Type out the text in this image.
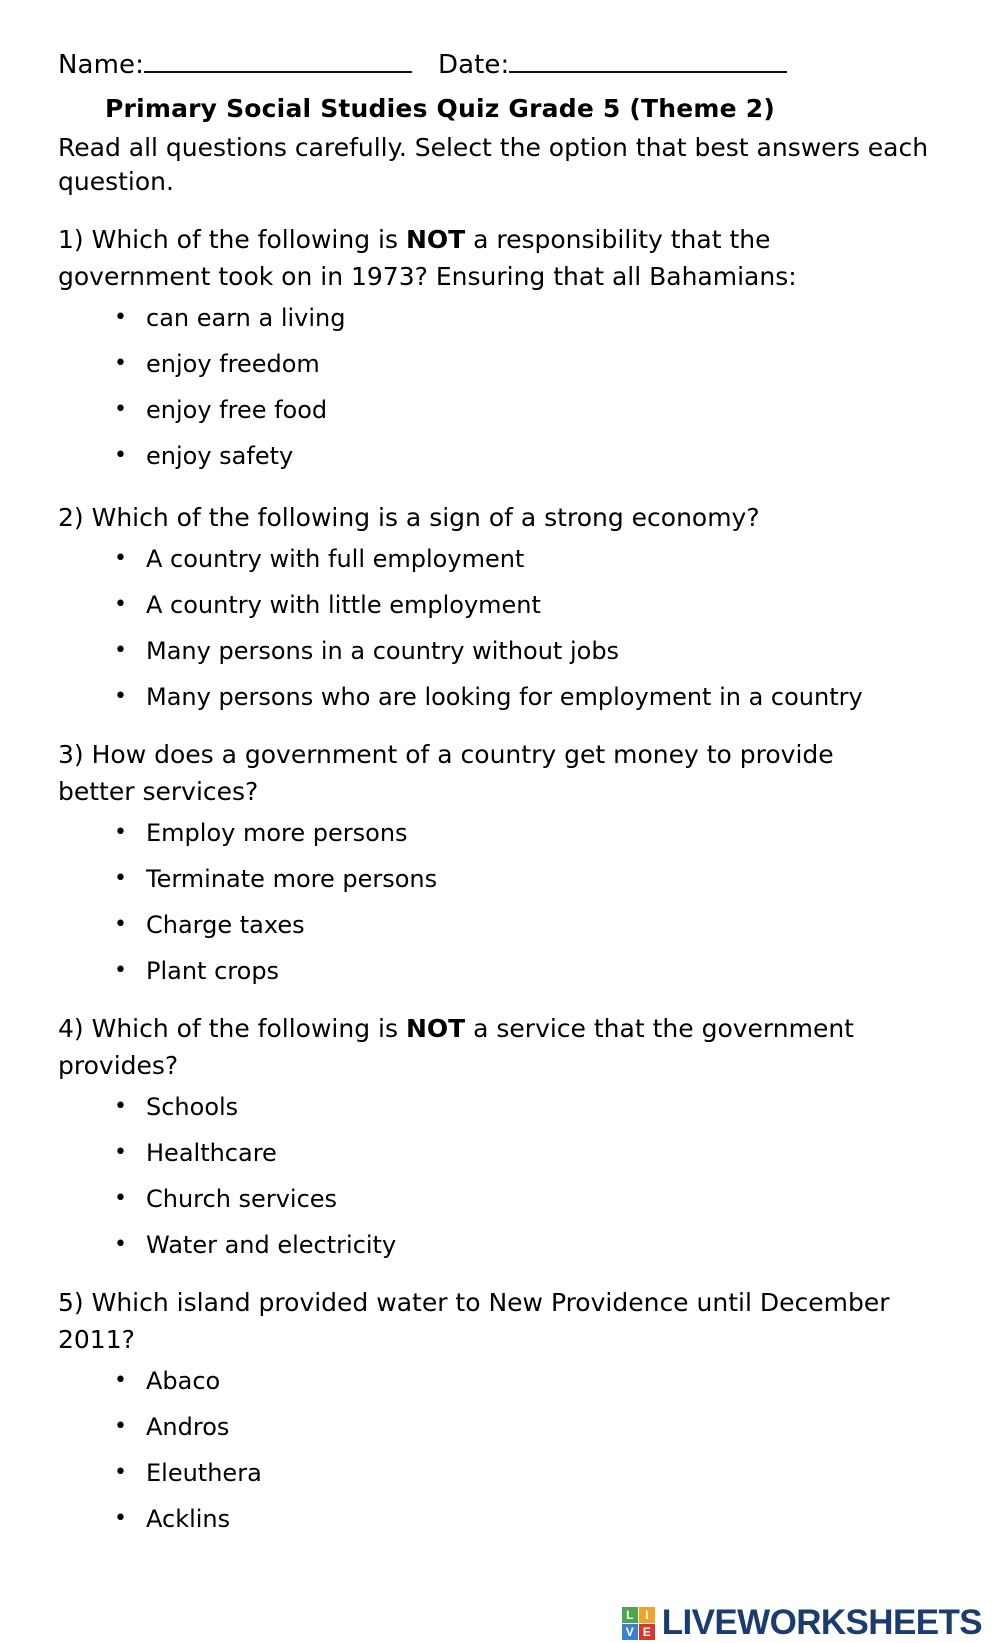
Name:	Date:
Primary Social Studies Quiz Grade 5 (Theme 2)
Read all questions carefully. Select the option that best answers each question.

1) Which of the following is NOT a responsibility that the government took on in 1973? Ensuring that all Bahamians:

• can earn a living
• enjoy freedom
• enjoy free food
• enjoy safety

2) Which of the following is a sign of a strong economy?

• A country with full employment
• A country with little employment
• Many persons in a country without jobs
• Many persons who are looking for employment in a country

3) How does a government of a country get money to provide better services?

• Employ more persons
• Terminate more persons
• Charge taxes
• Plant crops

4) Which of the following is NOT a service that the government provides?

• Schools
• Healthcare
• Church services
• Water and electricity

5) Which island provided water to New Providence until December 2011?

• Abaco
• Andros
• Eleuthera
• Acklins
L I
V E LIVEWORKSHEETS
